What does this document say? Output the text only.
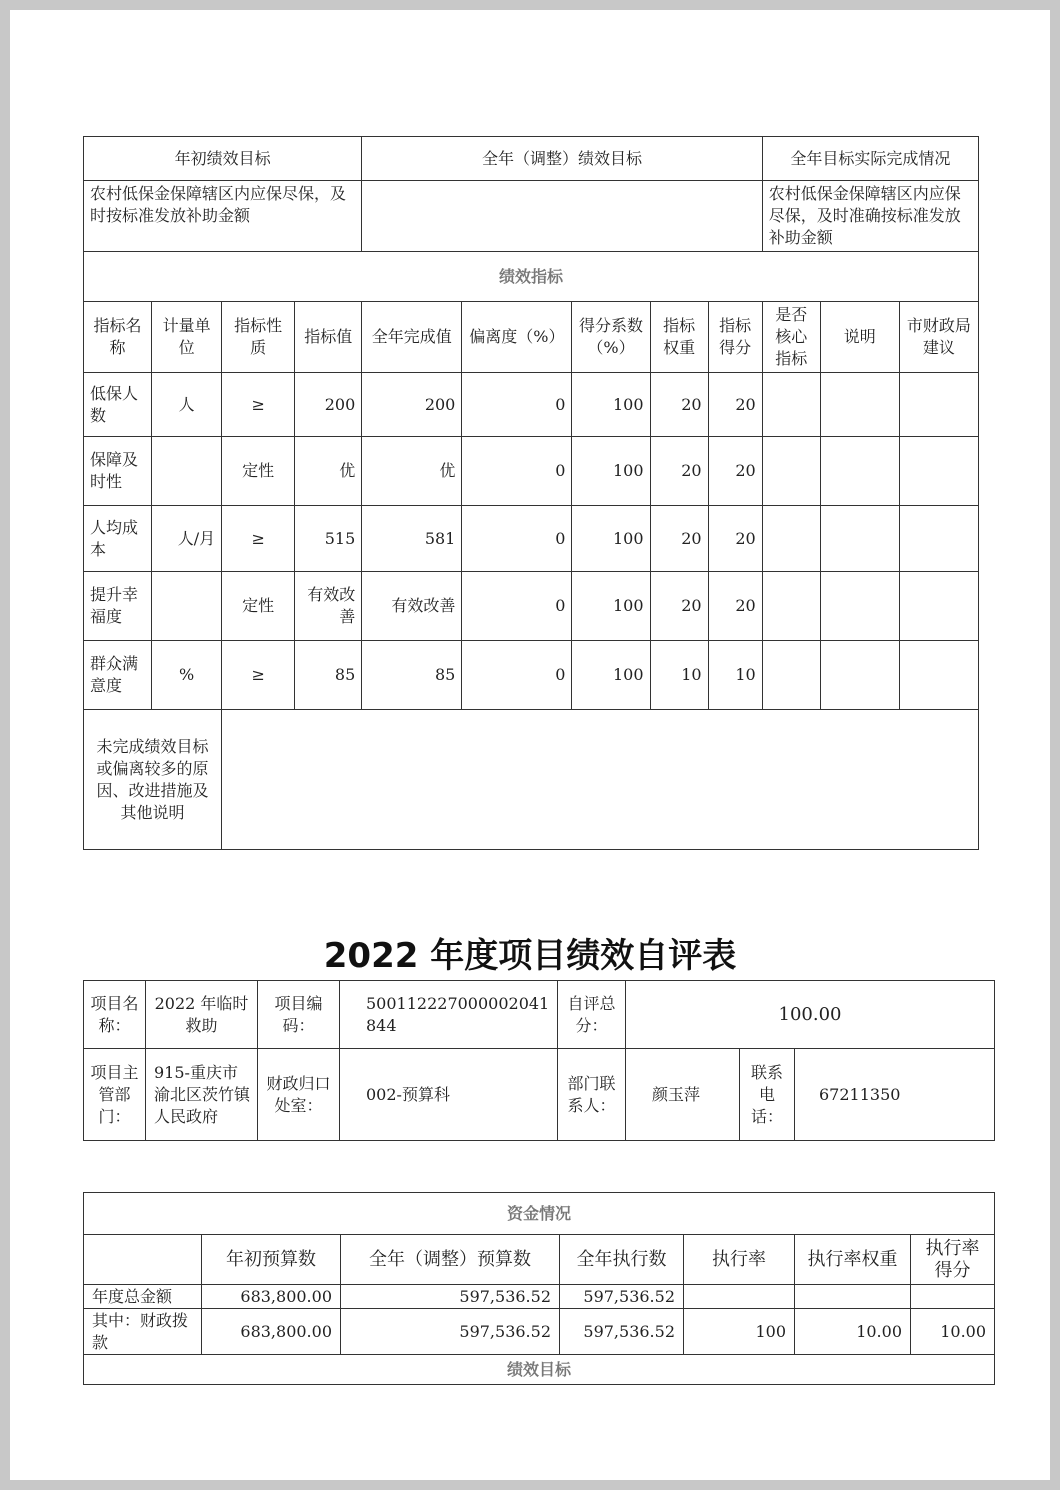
年初绩效目标				全年（调整）绩效目标					全年目标实际完成情况		
农村低保金保障辖区内应保尽保，及时按标准发放补助金额									农村低保金保障辖区内应保尽保，及时准确按标准发放补助金额		
绩效指标											
指标名称	计量单位	指标性质	指标值	全年完成值	偏离度（%）	得分系数（%）	指标权重	指标得分	是否核心指标	说明	市财政局建议
低保人数	人	≥	200	200	0	100	20	20			
保障及时性		定性	优	优	0	100	20	20			
人均成本	人/月	≥	515	581	0	100	20	20			
提升幸福度		定性	有效改善	有效改善	0	100	20	20			
群众满意度	%	≥	85	85	0	100	10	10			
未完成绩效目标或偏离较多的原因、改进措施及其他说明											
2022 年度项目绩效自评表
项目名称：	2022 年临时救助	项目编码：	500112227000002041844	自评总分：	100.00		
项目主管部门：	915-重庆市渝北区茨竹镇人民政府	财政归口处室：	002-预算科	部门联系人：	颜玉萍	联系电话：	67211350
资金情况						
	年初预算数	全年（调整）预算数	全年执行数	执行率	执行率权重	执行率得分
年度总金额	683,800.00	597,536.52	597,536.52			
其中：财政拨款	683,800.00	597,536.52	597,536.52	100	10.00	10.00
绩效目标						
